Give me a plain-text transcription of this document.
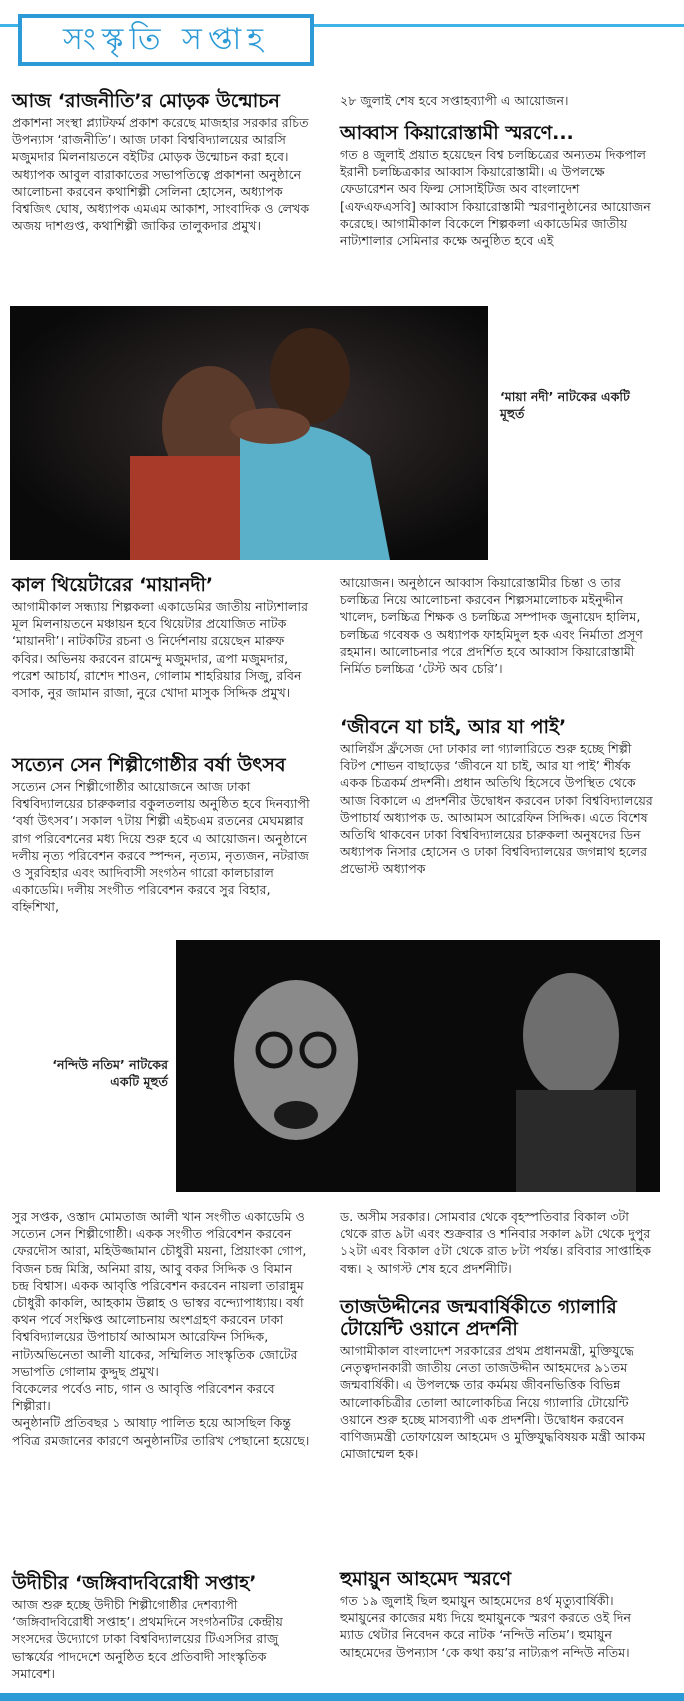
সংস্কৃতি সপ্তাহ
আজ ‘রাজনীতি’র মোড়ক উন্মোচন

প্রকাশনা সংস্থা প্ল্যাটফর্ম প্রকাশ করেছে মাজহার সরকার রচিত উপন্যাস ‘রাজনীতি’। আজ ঢাকা বিশ্ববিদ্যালয়ের আরসি মজুমদার মিলনায়তনে বইটির মোড়ক উন্মোচন করা হবে। অধ্যাপক আবুল বারাকাতের সভাপতিত্বে প্রকাশনা অনুষ্ঠানে আলোচনা করবেন কথাশিল্পী সেলিনা হোসেন, অধ্যাপক বিশ্বজিৎ ঘোষ, অধ্যাপক এমএম আকাশ, সাংবাদিক ও লেখক অজয় দাশগুপ্ত, কথাশিল্পী জাকির তালুকদার প্রমুখ।

২৮ জুলাই শেষ হবে সপ্তাহব্যাপী এ আয়োজন।

আব্বাস কিয়ারোস্তামী স্মরণে...

গত ৪ জুলাই প্রয়াত হয়েছেন বিশ্ব চলচ্চিত্রের অন্যতম দিকপাল ইরানী চলচ্চিত্রকার আব্বাস কিয়ারোস্তামী। এ উপলক্ষে ফেডারেশন অব ফিল্ম সোসাইটিজ অব বাংলাদেশ [এফএফএসবি] আব্বাস কিয়ারোস্তামী স্মরণানুষ্ঠানের আয়োজন করেছে। আগামীকাল বিকেলে শিল্পকলা একাডেমির জাতীয় নাট্যশালার সেমিনার কক্ষে অনুষ্ঠিত হবে এই

‘মায়া নদী’ নাটকের একটি মূহুর্ত
কাল থিয়েটারের ‘মায়ানদী’

আগামীকাল সন্ধ্যায় শিল্পকলা একাডেমির জাতীয় নাট্যশালার মূল মিলনায়তনে মঞ্চায়ন হবে থিয়েটার প্রযোজিত নাটক ‘মায়ানদী’। নাটকটির রচনা ও নির্দেশনায় রয়েছেন মারুফ কবির। অভিনয় করবেন রামেন্দু মজুমদার, ত্রপা মজুমদার, পরেশ আচার্য, রাশেদ শাওন, গোলাম শাহরিয়ার সিজু, রবিন বসাক, নুর জামান রাজা, নুরে খোদা মাসুক সিদ্দিক প্রমুখ।

সত্যেন সেন শিল্পীগোষ্ঠীর বর্ষা উৎসব

সত্যেন সেন শিল্পীগোষ্ঠীর আয়োজনে আজ ঢাকা বিশ্ববিদ্যালয়ের চারুকলার বকুলতলায় অনুষ্ঠিত হবে দিনব্যাপী ‘বর্ষা উৎসব’। সকাল ৭টায় শিল্পী এইচএম রতনের মেঘমল্লার রাগ পরিবেশনের মধ্য দিয়ে শুরু হবে এ আয়োজন। অনুষ্ঠানে দলীয় নৃত্য পরিবেশন করবে স্পন্দন, নৃত্যম, নৃত্যজন, নটরাজ ও সুরবিহার এবং আদিবাসী সংগঠন গারো কালচারাল একাডেমি। দলীয় সংগীত পরিবেশন করবে সুর বিহার, বহ্নিশিখা,

আয়োজন। অনুষ্ঠানে আব্বাস কিয়ারোস্তামীর চিন্তা ও তার চলচ্চিত্র নিয়ে আলোচনা করবেন শিল্পসমালোচক মইনুদ্দীন খালেদ, চলচ্চিত্র শিক্ষক ও চলচ্চিত্র সম্পাদক জুনায়েদ হালিম, চলচ্চিত্র গবেষক ও অধ্যাপক ফাহমিদুল হক এবং নির্মাতা প্রসূণ রহমান। আলোচনার পরে প্রদর্শিত হবে আব্বাস কিয়ারোস্তামী নির্মিত চলচ্চিত্র ‘টেস্ট অব চেরি’।

‘জীবনে যা চাই, আর যা পাই’

আলিয়ঁস ফ্রঁসেজ দো ঢাকার লা গ্যালারিতে শুরু হচ্ছে শিল্পী বিটপ শোভন বাছাড়ের ‘জীবনে যা চাই, আর যা পাই’ শীর্ষক একক চিত্রকর্ম প্রদর্শনী। প্রধান অতিথি হিসেবে উপস্থিত থেকে আজ বিকালে এ প্রদর্শনীর উদ্বোধন করবেন ঢাকা বিশ্ববিদ্যালয়ের উপাচার্য অধ্যাপক ড. আআমস আরেফিন সিদ্দিক। এতে বিশেষ অতিথি থাকবেন ঢাকা বিশ্ববিদ্যালয়ের চারুকলা অনুষদের ডিন অধ্যাপক নিসার হোসেন ও ঢাকা বিশ্ববিদ্যালয়ের জগন্নাথ হলের প্রভোস্ট অধ্যাপক

‘নন্দিউ নতিম’ নাটকের একটি মূহুর্ত

সুর সপ্তক, ওস্তাদ মোমতাজ আলী খান সংগীত একাডেমি ও সত্যেন সেন শিল্পীগোষ্ঠী। একক সংগীত পরিবেশন করবেন ফেরদৌস আরা, মহিউজ্জামান চৌধুরী ময়না, প্রিয়াংকা গোপ, বিজন চন্দ্র মিস্ত্রি, অনিমা রায়, আবু বকর সিদ্দিক ও বিমান চন্দ্র বিশ্বাস। একক আবৃত্তি পরিবেশন করবেন নায়লা তারান্নুম চৌধুরী কাকলি, আহকাম উল্লাহ ও ভাস্বর বন্দ্যোপাধ্যায়। বর্ষা কথন পর্বে সংক্ষিপ্ত আলোচনায় অংশগ্রহণ করবেন ঢাকা বিশ্ববিদ্যালয়ের উপাচার্য আআমস আরেফিন সিদ্দিক, নাট্যঅভিনেতা আলী যাকের, সম্মিলিত সাংস্কৃতিক জোটের সভাপতি গোলাম কুদ্দুছ প্রমুখ।

বিকেলের পর্বেও নাচ, গান ও আবৃত্তি পরিবেশন করবে শিল্পীরা।

অনুষ্ঠানটি প্রতিবছর ১ আষাঢ় পালিত হয়ে আসছিল কিন্তু পবিত্র রমজানের কারণে অনুষ্ঠানটির তারিখ পেছানো হয়েছে।

উদীচীর ‘জঙ্গিবাদবিরোধী সপ্তাহ’

আজ শুরু হচ্ছে উদীচী শিল্পীগোষ্ঠীর দেশব্যাপী ‘জঙ্গিবাদবিরোধী সপ্তাহ’। প্রথমদিনে সংগঠনটির কেন্দ্রীয় সংসদের উদ্যোগে ঢাকা বিশ্ববিদ্যালয়ের টিএসসির রাজু ভাস্কর্যের পাদদেশে অনুষ্ঠিত হবে প্রতিবাদী সাংস্কৃতিক সমাবেশ।

ড. অসীম সরকার। সোমবার থেকে বৃহস্পতিবার বিকাল ৩টা থেকে রাত ৯টা এবং শুক্রবার ও শনিবার সকাল ৯টা থেকে দুপুর ১২টা এবং বিকাল ৫টা থেকে রাত ৮টা পর্যন্ত। রবিবার সাপ্তাহিক বন্ধ। ২ আগস্ট শেষ হবে প্রদর্শনীটি।

তাজউদ্দীনের জন্মবার্ষিকীতে গ্যালারি টোয়েন্টি ওয়ানে প্রদর্শনী

আগামীকাল বাংলাদেশ সরকারের প্রথম প্রধানমন্ত্রী, মুক্তিযুদ্ধে নেতৃত্বদানকারী জাতীয় নেতা তাজউদ্দীন আহমদের ৯১তম জন্মবার্ষিকী। এ উপলক্ষে তার কর্মময় জীবনভিত্তিক বিভিন্ন আলোকচিত্রীর তোলা আলোকচিত্র নিয়ে গ্যালারি টোয়েন্টি ওয়ানে শুরু হচ্ছে মাসব্যাপী এক প্রদর্শনী। উদ্বোধন করবেন বাণিজ্যমন্ত্রী তোফায়েল আহমেদ ও মুক্তিযুদ্ধবিষয়ক মন্ত্রী আকম মোজাম্মেল হক।

হুমায়ুন আহমেদ স্মরণে

গত ১৯ জুলাই ছিল হুমায়ুন আহমেদের ৪র্থ মৃত্যুবার্ষিকী। হুমায়ুনের কাজের মধ্য দিয়ে হুমায়ুনকে স্মরণ করতে ওই দিন ম্যাড থেটার নিবেদন করে নাটক ‘নন্দিউ নতিম’। হুমায়ুন আহমেদের উপন্যাস ‘কে কথা কয়’র নাট্যরূপ নন্দিউ নতিম।
